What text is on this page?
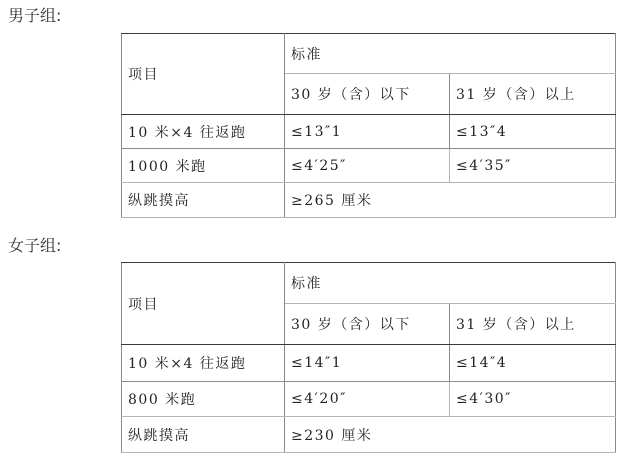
男子组:
项目	标准	
	30 岁（含）以下	31 岁（含）以上
10 米×4 往返跑	≤13″1	≤13″4
1000 米跑	≤4′25″	≤4′35″
纵跳摸高	≥265 厘米	
女子组:
项目	标准	
	30 岁（含）以下	31 岁（含）以上
10 米×4 往返跑	≤14″1	≤14″4
800 米跑	≤4′20″	≤4′30″
纵跳摸高	≥230 厘米	
